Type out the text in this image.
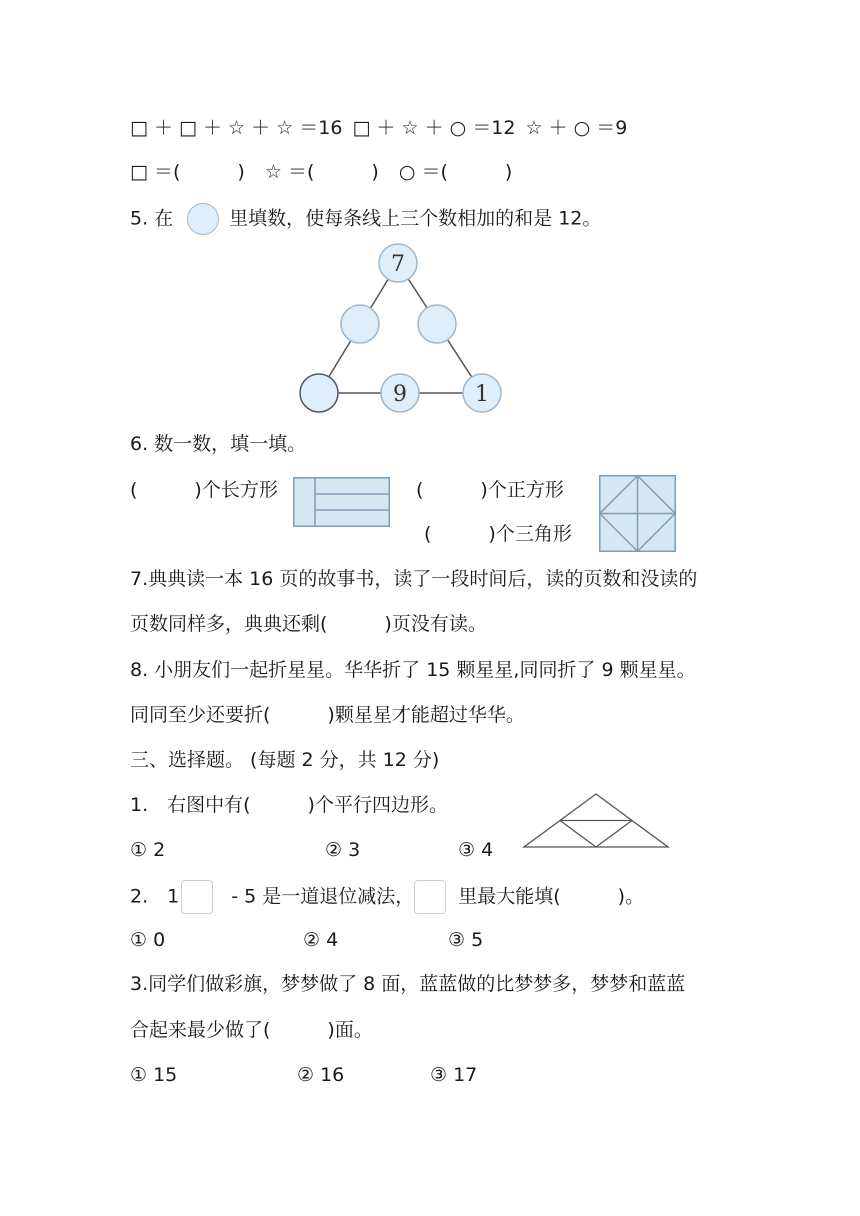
□ ＋ □ ＋ ☆ ＋ ☆ ＝16 □ ＋ ☆ ＋ ○ ＝12 ☆ ＋ ○ ＝9
□ ＝(　　　) ☆ ＝(　　　) ○ ＝(　　　)
5. 在	里填数，使每条线上三个数相加的和是 12。
7
9	1
6. 数一数，填一填。
(　　　)个长方形	(　　　)个正方形
(　　　)个三角形
7.典典读一本 16 页的故事书，读了一段时间后，读的页数和没读的
页数同样多，典典还剩(　　　)页没有读。
8. 小朋友们一起折星星。华华折了 15 颗星星,同同折了 9 颗星星。
同同至少还要折(　　　)颗星星才能超过华华。
三、选择题。 (每题 2 分，共 12 分)
1.　右图中有(　　　)个平行四边形。
① 2	② 3	③ 4
2.　1	- 5 是一道退位减法， 里最大能填(　　　)。
① 0	② 4	③ 5
3.同学们做彩旗，梦梦做了 8 面，蓝蓝做的比梦梦多，梦梦和蓝蓝
合起来最少做了(　　　)面。
① 15	② 16	③ 17
